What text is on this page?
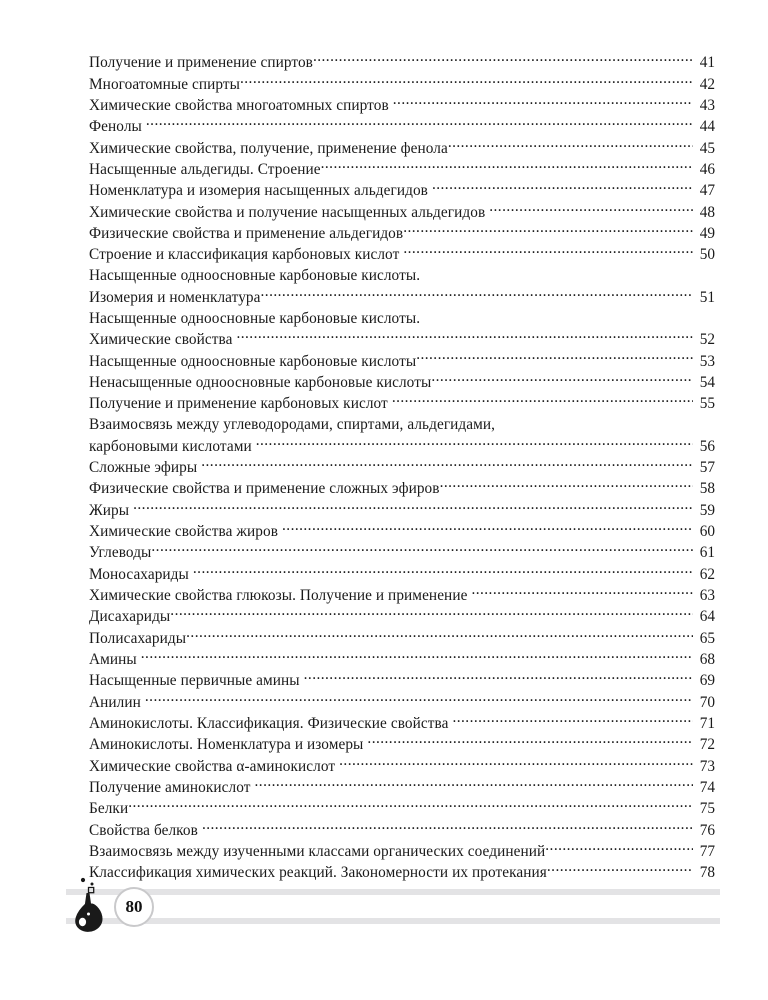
Получение и применение спиртов .....	41
Многоатомные спирты .....	42
Химические свойства многоатомных спиртов .....	43
Фенолы .....	44
Химические свойства, получение, применение фенола .....	45
Насыщенные альдегиды. Строение .....	46
Номенклатура и изомерия насыщенных альдегидов .....	47
Химические свойства и получение насыщенных альдегидов .....	48
Физические свойства и применение альдегидов .....	49
Строение и классификация карбоновых кислот .....	50
Насыщенные одноосновные карбоновые кислоты.
Изомерия и номенклатура .....	51
Насыщенные одноосновные карбоновые кислоты.
Химические свойства .....	52
Насыщенные одноосновные карбоновые кислоты .....	53
Ненасыщенные одноосновные карбоновые кислоты .....	54
Получение и применение карбоновых кислот .....	55
Взаимосвязь между углеводородами, спиртами, альдегидами,
карбоновыми кислотами .....	56
Сложные эфиры .....	57
Физические свойства и применение сложных эфиров .....	58
Жиры .....	59
Химические свойства жиров .....	60
Углеводы .....	61
Моносахариды .....	62
Химические свойства глюкозы. Получение и применение .....	63
Дисахариды .....	64
Полисахариды .....	65
Амины .....	68
Насыщенные первичные амины .....	69
Анилин .....	70
Аминокислоты. Классификация. Физические свойства .....	71
Аминокислоты. Номенклатура и изомеры .....	72
Химические свойства α-аминокислот .....	73
Получение аминокислот .....	74
Белки .....	75
Свойства белков .....	76
Взаимосвязь между изученными классами органических соединений .....	77
Классификация химических реакций. Закономерности их протекания .....	78
80
